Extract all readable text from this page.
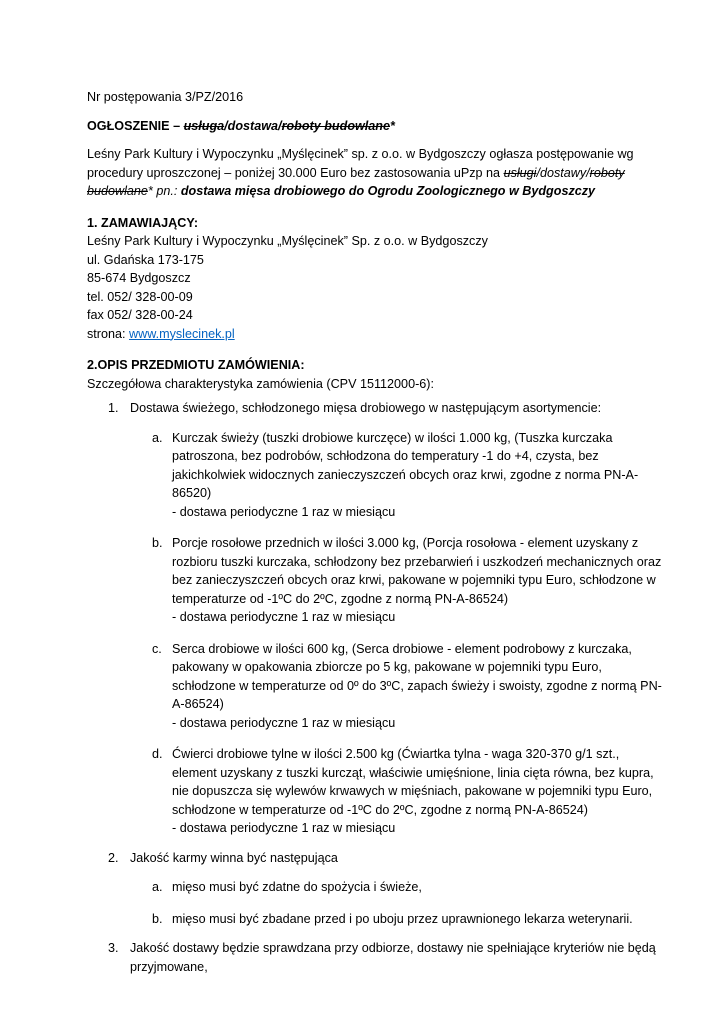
Nr postępowania 3/PZ/2016

OGŁOSZENIE – usługa/dostawa/roboty budowlane*

Leśny Park Kultury i Wypoczynku „Myślęcinek” sp. z o.o. w Bydgoszczy ogłasza postępowanie wg procedury uproszczonej – poniżej 30.000 Euro bez zastosowania uPzp na usługi/dostawy/roboty budowlane* pn.: dostawa mięsa drobiowego do Ogrodu Zoologicznego w Bydgoszczy

1. ZAMAWIAJĄCY:

Leśny Park Kultury i Wypoczynku „Myślęcinek” Sp. z o.o. w Bydgoszczy

ul. Gdańska 173-175

85-674 Bydgoszcz

tel. 052/ 328-00-09

fax 052/ 328-00-24

strona: www.myslecinek.pl

2.OPIS PRZEDMIOTU ZAMÓWIENIA:

Szczegółowa charakterystyka zamówienia (CPV 15112000-6):

1. Dostawa świeżego, schłodzonego mięsa drobiowego w następującym asortymencie:
a. Kurczak świeży (tuszki drobiowe kurczęce) w ilości 1.000 kg, (Tuszka kurczaka patroszona, bez podrobów, schłodzona do temperatury -1 do +4, czysta, bez jakichkolwiek widocznych zanieczyszczeń obcych oraz krwi, zgodne z norma PN-A-86520)

- dostawa periodyczne 1 raz w miesiącu

b. Porcje rosołowe przednich w ilości 3.000 kg, (Porcja rosołowa - element uzyskany z rozbioru tuszki kurczaka, schłodzony bez przebarwień i uszkodzeń mechanicznych oraz bez zanieczyszczeń obcych oraz krwi, pakowane w pojemniki typu Euro, schłodzone w temperaturze od -1ºC do 2ºC, zgodne z normą PN-A-86524)

- dostawa periodyczne 1 raz w miesiącu

c. Serca drobiowe w ilości 600 kg, (Serca drobiowe - element podrobowy z kurczaka, pakowany w opakowania zbiorcze po 5 kg, pakowane w pojemniki typu Euro, schłodzone w temperaturze od 0º do 3ºC, zapach świeży i swoisty, zgodne z normą PN-A-86524)

- dostawa periodyczne 1 raz w miesiącu

d. Ćwierci drobiowe tylne w ilości 2.500 kg (Ćwiartka tylna - waga 320-370 g/1 szt., element uzyskany z tuszki kurcząt, właściwie umięśnione, linia cięta równa, bez kupra, nie dopuszcza się wylewów krwawych w mięśniach, pakowane w pojemniki typu Euro, schłodzone w temperaturze od -1ºC do 2ºC, zgodne z normą PN-A-86524)

- dostawa periodyczne 1 raz w miesiącu

2. Jakość karmy winna być następująca
a. mięso musi być zdatne do spożycia i świeże,

b. mięso musi być zbadane przed i po uboju przez uprawnionego lekarza weterynarii.

3. Jakość dostawy będzie sprawdzana przy odbiorze, dostawy nie spełniające kryteriów nie będą przyjmowane,
